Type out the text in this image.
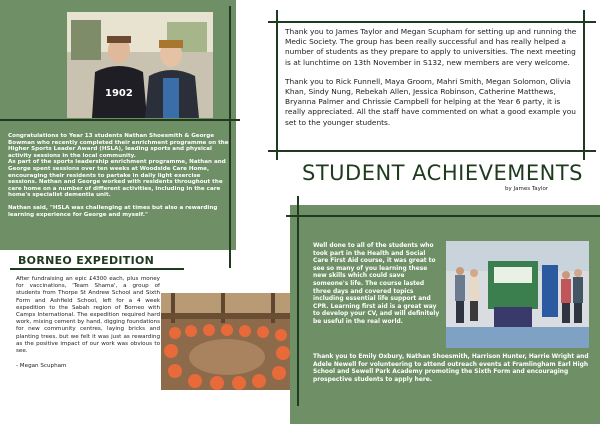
1902
Congratulations to Year 13 students Nathan Shoesmith & George Bowman who recently completed their enrichment programme on the Higher Sports Leader Award (HSLA), leading sports and physical activity sessions in the local community.
As part of the sports leadership enrichment programme, Nathan and George spent sessions over ten weeks at Woodside Care Home, encouraging their residents to partake in daily light exercise sessions. Nathan and George worked with residents throughout the care home on a number of different activities, including in the care home's specialist dementia unit.
Nathan said, "HSLA was challenging at times but also a rewarding learning experience for George and myself."
Thank you to James Taylor and Megan Scupham for setting up and running the Medic Society. The group has been really successful and has really helped a number of students as they prepare to apply to universities. The next meeting is at lunchtime on 13th November in S132, new members are very welcome.
Thank you to Rick Funnell, Maya Groom, Mahri Smith, Megan Solomon, Olivia Khan, Sindy Nung, Rebekah Allen, Jessica Robinson, Catherine Matthews, Bryanna Palmer and Chrissie Campbell for helping at the Year 6 party, it is really appreciated. All the staff have commented on what a good example you set to the younger students.
STUDENT ACHIEVEMENTS
by James Taylor
BORNEO EXPEDITION
After fundraising an epic £4300 each, plus money for vaccinations, 'Team Shama', a group of students from Thorpe St Andrew School and Sixth Form and Ashfield School, left for a 4 week expedition to the Sabah region of Borneo with Camps International. The expedition required hard work, mixing cement by hand, digging foundations for new community centres, laying bricks and planting trees, but we felt it was just as rewarding as the positive impact of our work was obvious to see.
- Megan Scupham
Well done to all of the students who took part in the Health and Social Care First Aid course, it was great to see so many of you learning these new skills which could save someone's life. The course lasted three days and covered topics including essential life support and CPR. Learning first aid is a great way to develop your CV, and will definitely be useful in the real world.
Thank you to Emily Oxbury, Nathan Shoesmith, Harrison Hunter, Harrie Wright and Adele Newell for volunteering to attend outreach events at Framlingham Earl High School and Sewell Park Academy promoting the Sixth Form and encouraging prospective students to apply here.
